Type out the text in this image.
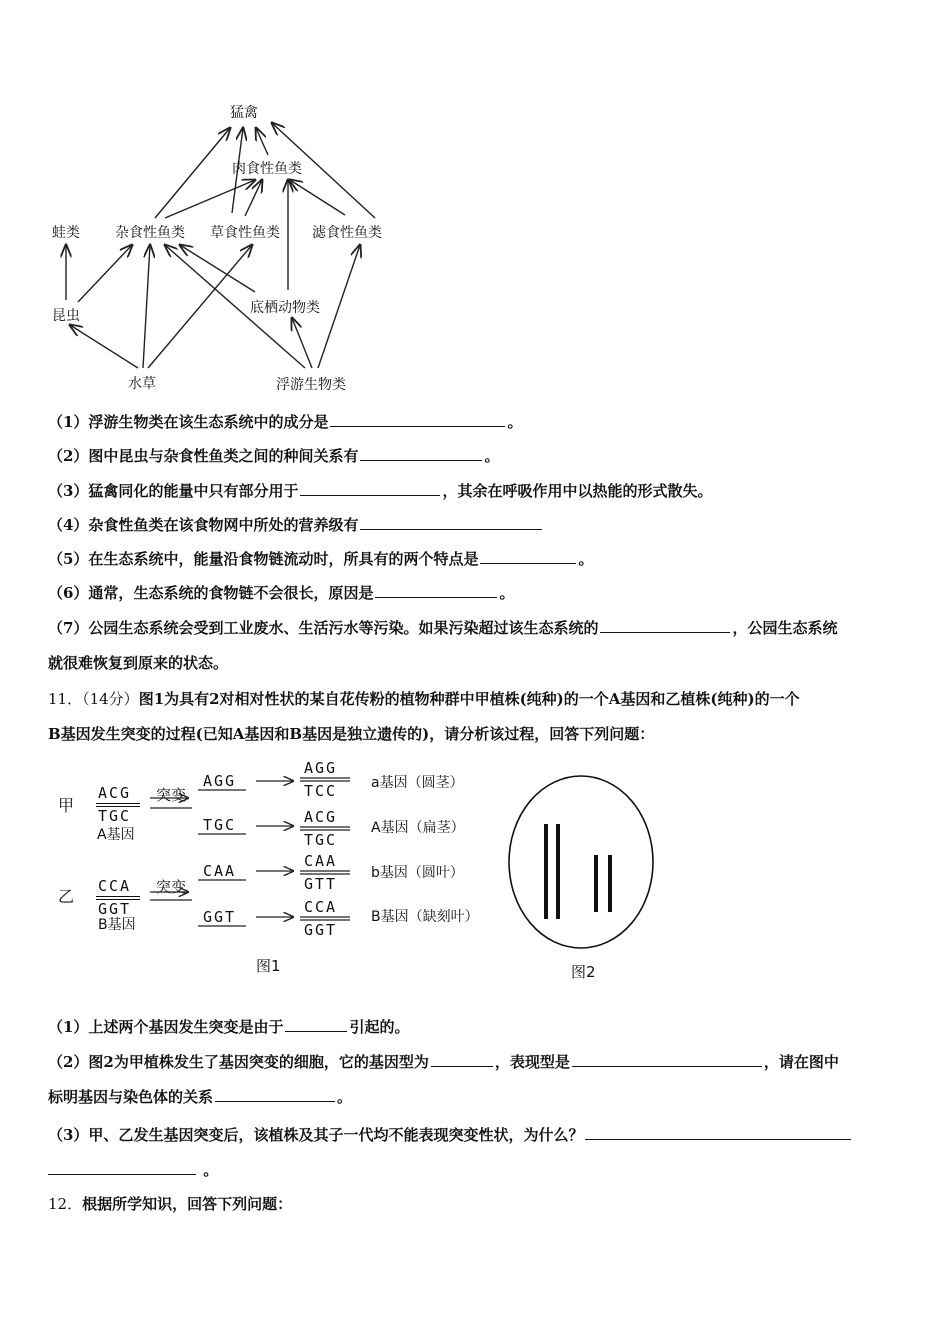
猛禽
肉食性鱼类
蛙类	杂食性鱼类 草食性鱼类 滤食性鱼类
昆虫	底栖动物类
水草	浮游生物类
（1）浮游生物类在该生态系统中的成分是	。
（2）图中昆虫与杂食性鱼类之间的种间关系有	。
（3）猛禽同化的能量中只有部分用于	，其余在呼吸作用中以热能的形式散失。
（4）杂食性鱼类在该食物网中所处的营养级有
（5）在生态系统中，能量沿食物链流动时，所具有的两个特点是	。
（6）通常，生态系统的食物链不会很长，原因是	。
（7）公园生态系统会受到工业废水、生活污水等污染。如果污染超过该生态系统的	，公园生态系统
就很难恢复到原来的状态。
11．（14分）图1为具有2对相对性状的某自花传粉的植物种群中甲植株(纯种)的一个A基因和乙植株(纯种)的一个
B基因发生突变的过程(已知A基因和B基因是独立遗传的)，请分析该过程，回答下列问题：
甲
乙
ACG
TGC
A基因
CCA
GGT
B基因
突变
突变
AGG
TGC
CAA
GGT
AGG
TCC
ACG
TGC
CAA
GTT
CCA
GGT
a基因（圆茎）
A基因（扁茎）
b基因（圆叶）
B基因（缺刻叶）
图1	图2
（1）上述两个基因发生突变是由于	引起的。
（2）图2为甲植株发生了基因突变的细胞，它的基因型为	，表现型是	，请在图中
标明基因与染色体的关系	。
（3）甲、乙发生基因突变后，该植株及其子一代均不能表现突变性状，为什么？
。
12．根据所学知识，回答下列问题：
